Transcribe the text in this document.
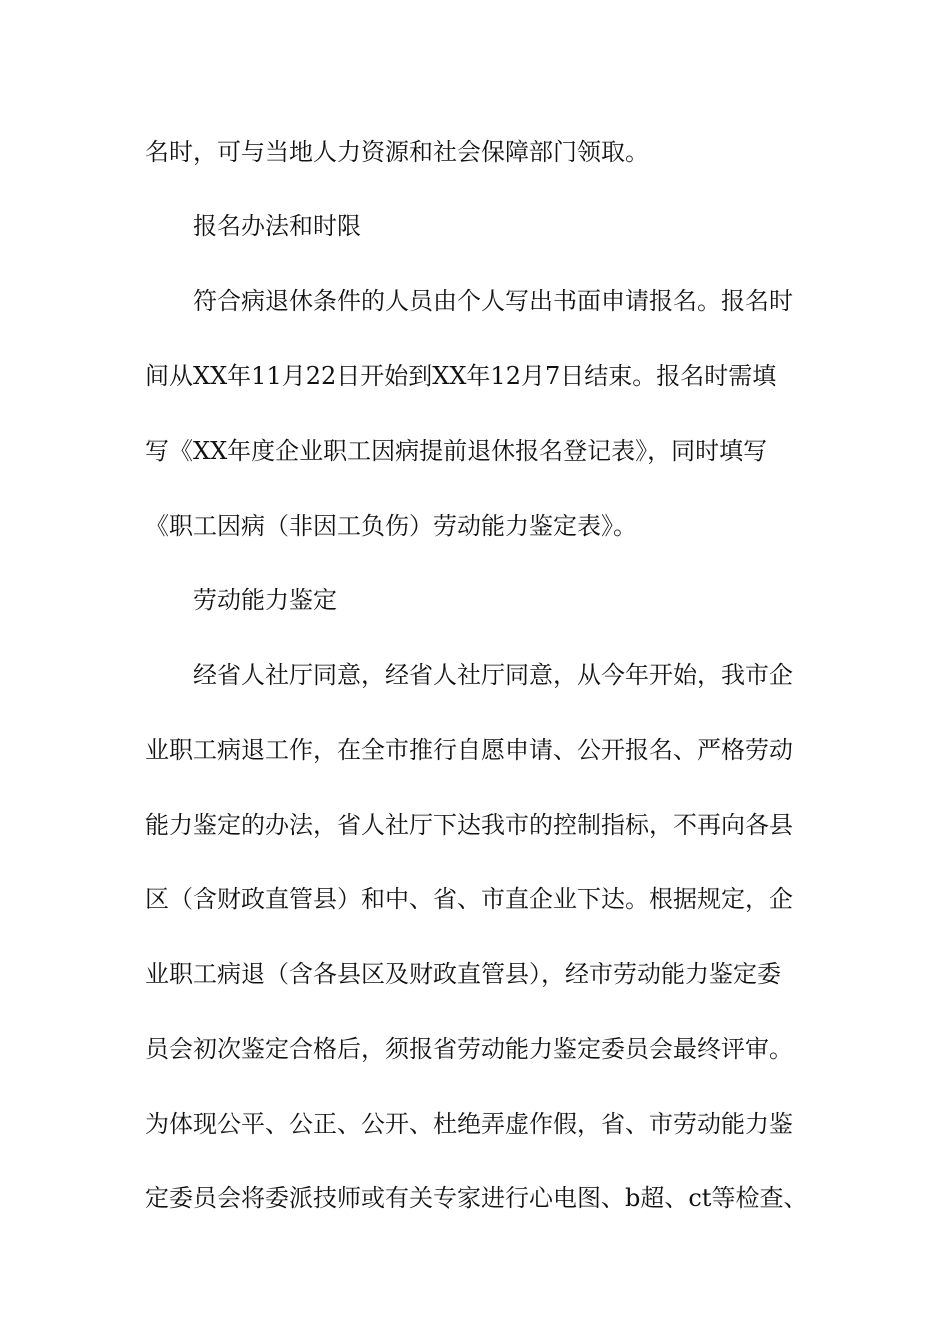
名时，可与当地人力资源和社会保障部门领取。
报名办法和时限
符合病退休条件的人员由个人写出书面申请报名。报名时
间从XX年11月22日开始到XX年12月7日结束。报名时需填
写《XX年度企业职工因病提前退休报名登记表》，同时填写
《职工因病（非因工负伤）劳动能力鉴定表》。
劳动能力鉴定
经省人社厅同意，经省人社厅同意，从今年开始，我市企
业职工病退工作，在全市推行自愿申请、公开报名、严格劳动
能力鉴定的办法，省人社厅下达我市的控制指标，不再向各县
区（含财政直管县）和中、省、市直企业下达。根据规定，企
业职工病退（含各县区及财政直管县），经市劳动能力鉴定委
员会初次鉴定合格后，须报省劳动能力鉴定委员会最终评审。
为体现公平、公正、公开、杜绝弄虚作假，省、市劳动能力鉴
定委员会将委派技师或有关专家进行心电图、b超、ct等检查、
